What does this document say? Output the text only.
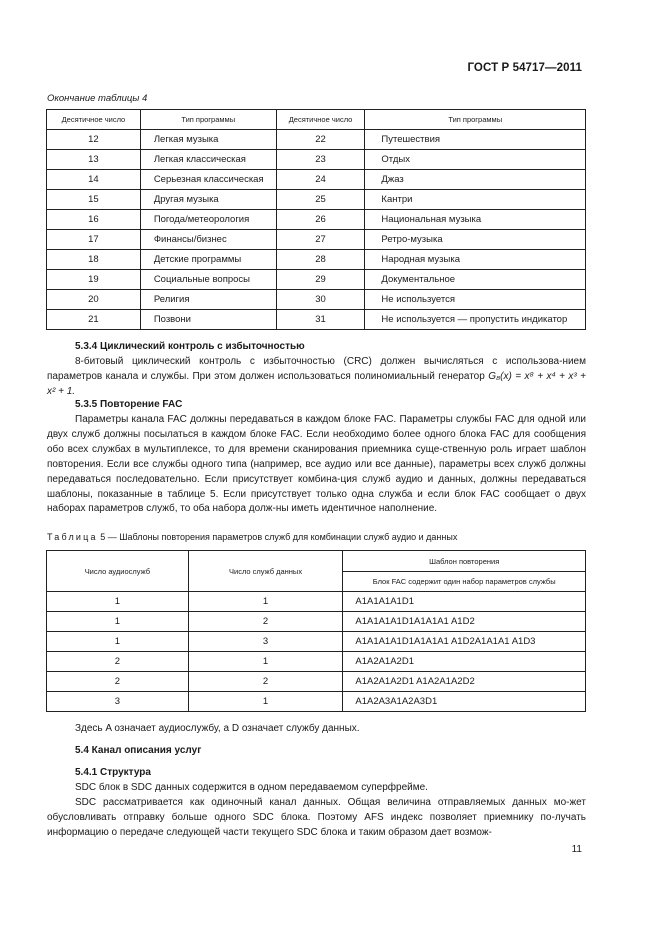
ГОСТ Р 54717—2011
Окончание таблицы 4
Десятичное число	Тип программы	Десятичное число	Тип программы
12	Легкая музыка	22	Путешествия
13	Легкая классическая	23	Отдых
14	Серьезная классическая	24	Джаз
15	Другая музыка	25	Кантри
16	Погода/метеорология	26	Национальная музыка
17	Финансы/бизнес	27	Ретро-музыка
18	Детские программы	28	Народная музыка
19	Социальные вопросы	29	Документальное
20	Религия	30	Не используется
21	Позвони	31	Не используется — пропустить индикатор
5.3.4 Циклический контроль с избыточностью

8-битовый циклический контроль с избыточностью (CRC) должен вычисляться с использова-нием параметров канала и службы. При этом должен использоваться полиномиальный генератор G₈(x) = x⁸ + x⁴ + x³ + x² + 1.

5.3.5 Повторение FAC

Параметры канала FAC должны передаваться в каждом блоке FAC. Параметры службы FAC для одной или двух служб должны посылаться в каждом блоке FAC. Если необходимо более одного блока FAC для сообщения обо всех службах в мультиплексе, то для времени сканирования приемника суще-ственную роль играет шаблон повторения. Если все службы одного типа (например, все аудио или все данные), параметры всех служб должны передаваться последовательно. Если присутствует комбина-ция служб аудио и данных, должны передаваться шаблоны, показанные в таблице 5. Если присутствует только одна служба и если блок FAC сообщает о двух наборах параметров служб, то оба набора долж-ны иметь идентичное наполнение.

Таблица 5 — Шаблоны повторения параметров служб для комбинации служб аудио и данных
Число аудиослужб	Число служб данных	Шаблон повторения
		Блок FAC содержит один набор параметров службы
1	1	A1A1A1A1D1
1	2	A1A1A1A1D1A1A1A1 A1D2
1	3	A1A1A1A1D1A1A1A1 A1D2A1A1A1 A1D3
2	1	A1A2A1A2D1
2	2	A1A2A1A2D1 A1A2A1A2D2
3	1	A1A2A3A1A2A3D1

Здесь A означает аудиослужбу, а D означает службу данных.

5.4 Канал описания услуг
5.4.1 Структура

SDC блок в SDC данных содержится в одном передаваемом суперфрейме.

SDC рассматривается как одиночный канал данных. Общая величина отправляемых данных мо-жет обусловливать отправку больше одного SDC блока. Поэтому AFS индекс позволяет приемнику по-лучать информацию о передаче следующей части текущего SDC блока и таким образом дает возмож-

11
